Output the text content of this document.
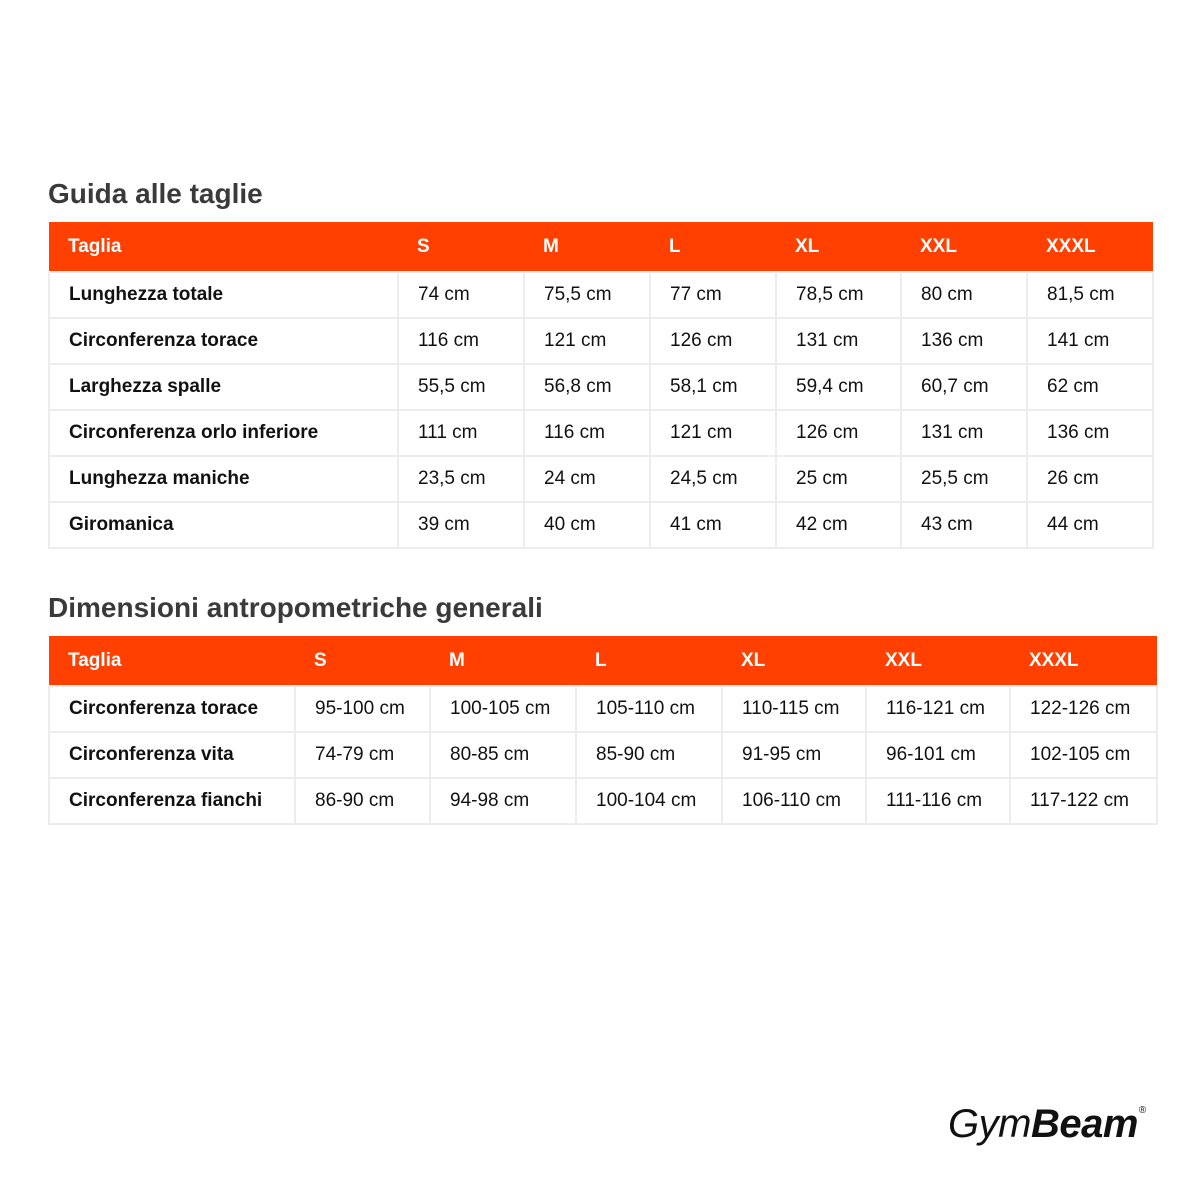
Guida alle taglie
Taglia	S	M	L	XL	XXL	XXXL
Lunghezza totale	74 cm	75,5 cm	77 cm	78,5 cm	80 cm	81,5 cm
Circonferenza torace	116 cm	121 cm	126 cm	131 cm	136 cm	141 cm
Larghezza spalle	55,5 cm	56,8 cm	58,1 cm	59,4 cm	60,7 cm	62 cm
Circonferenza orlo inferiore	111 cm	116 cm	121 cm	126 cm	131 cm	136 cm
Lunghezza maniche	23,5 cm	24 cm	24,5 cm	25 cm	25,5 cm	26 cm
Giromanica	39 cm	40 cm	41 cm	42 cm	43 cm	44 cm
Dimensioni antropometriche generali
Taglia	S	M	L	XL	XXL	XXXL
Circonferenza torace	95-100 cm	100-105 cm	105-110 cm	110-115 cm	116-121 cm	122-126 cm
Circonferenza vita	74-79 cm	80-85 cm	85-90 cm	91-95 cm	96-101 cm	102-105 cm
Circonferenza fianchi	86-90 cm	94-98 cm	100-104 cm	106-110 cm	111-116 cm	117-122 cm
GymBeam®
